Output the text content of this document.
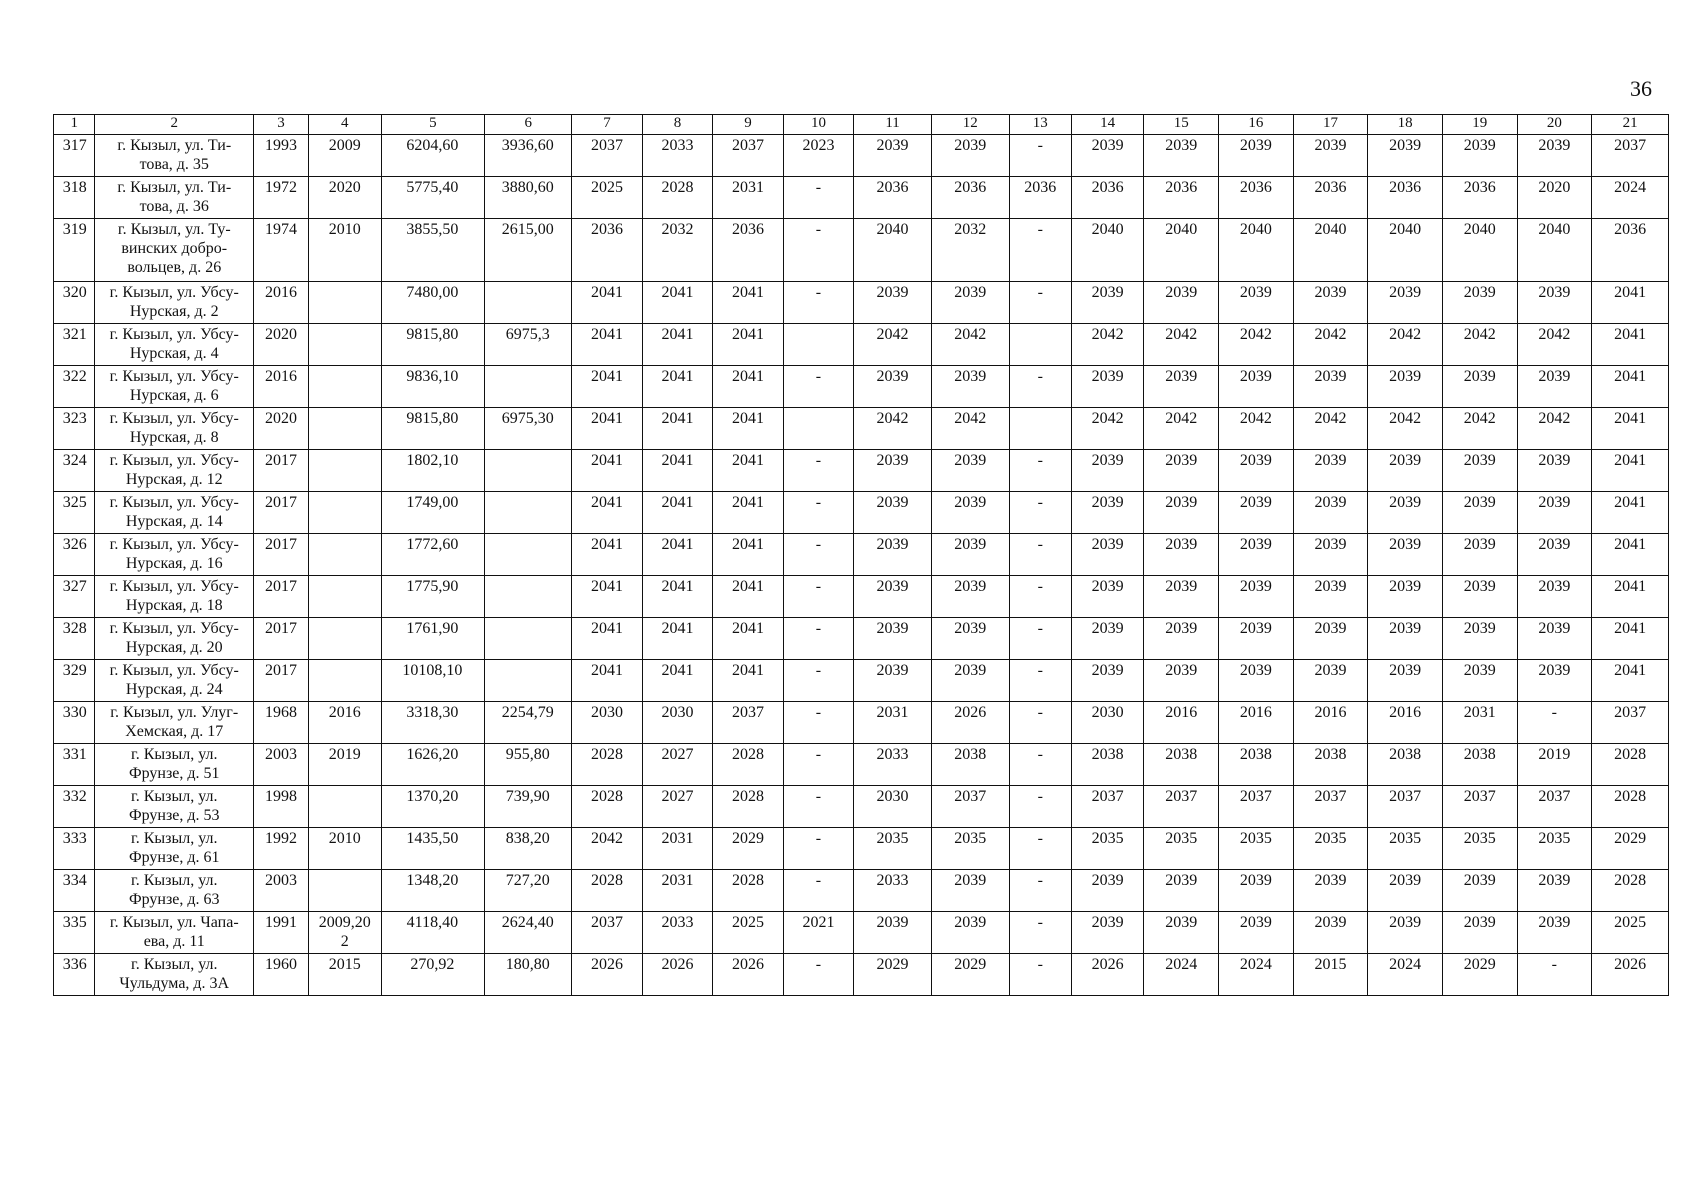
36
1	2	3	4	5	6	7	8	9	10	11	12	13	14	15	16	17	18	19	20	21
317	г. Кызыл, ул. Ти-
това, д. 35	1993	2009	6204,60	3936,60	2037	2033	2037	2023	2039	2039	-	2039	2039	2039	2039	2039	2039	2039	2037
318	г. Кызыл, ул. Ти-
това, д. 36	1972	2020	5775,40	3880,60	2025	2028	2031	-	2036	2036	2036	2036	2036	2036	2036	2036	2036	2020	2024
319	г. Кызыл, ул. Ту-
винских добро-
вольцев, д. 26	1974	2010	3855,50	2615,00	2036	2032	2036	-	2040	2032	-	2040	2040	2040	2040	2040	2040	2040	2036
320	г. Кызыл, ул. Убсу-
Нурская, д. 2	2016		7480,00		2041	2041	2041	-	2039	2039	-	2039	2039	2039	2039	2039	2039	2039	2041
321	г. Кызыл, ул. Убсу-
Нурская, д. 4	2020		9815,80	6975,3	2041	2041	2041		2042	2042		2042	2042	2042	2042	2042	2042	2042	2041
322	г. Кызыл, ул. Убсу-
Нурская, д. 6	2016		9836,10		2041	2041	2041	-	2039	2039	-	2039	2039	2039	2039	2039	2039	2039	2041
323	г. Кызыл, ул. Убсу-
Нурская, д. 8	2020		9815,80	6975,30	2041	2041	2041		2042	2042		2042	2042	2042	2042	2042	2042	2042	2041
324	г. Кызыл, ул. Убсу-
Нурская, д. 12	2017		1802,10		2041	2041	2041	-	2039	2039	-	2039	2039	2039	2039	2039	2039	2039	2041
325	г. Кызыл, ул. Убсу-
Нурская, д. 14	2017		1749,00		2041	2041	2041	-	2039	2039	-	2039	2039	2039	2039	2039	2039	2039	2041
326	г. Кызыл, ул. Убсу-
Нурская, д. 16	2017		1772,60		2041	2041	2041	-	2039	2039	-	2039	2039	2039	2039	2039	2039	2039	2041
327	г. Кызыл, ул. Убсу-
Нурская, д. 18	2017		1775,90		2041	2041	2041	-	2039	2039	-	2039	2039	2039	2039	2039	2039	2039	2041
328	г. Кызыл, ул. Убсу-
Нурская, д. 20	2017		1761,90		2041	2041	2041	-	2039	2039	-	2039	2039	2039	2039	2039	2039	2039	2041
329	г. Кызыл, ул. Убсу-
Нурская, д. 24	2017		10108,10		2041	2041	2041	-	2039	2039	-	2039	2039	2039	2039	2039	2039	2039	2041
330	г. Кызыл, ул. Улуг-
Хемская, д. 17	1968	2016	3318,30	2254,79	2030	2030	2037	-	2031	2026	-	2030	2016	2016	2016	2016	2031	-	2037
331	г. Кызыл, ул.
Фрунзе, д. 51	2003	2019	1626,20	955,80	2028	2027	2028	-	2033	2038	-	2038	2038	2038	2038	2038	2038	2019	2028
332	г. Кызыл, ул.
Фрунзе, д. 53	1998		1370,20	739,90	2028	2027	2028	-	2030	2037	-	2037	2037	2037	2037	2037	2037	2037	2028
333	г. Кызыл, ул.
Фрунзе, д. 61	1992	2010	1435,50	838,20	2042	2031	2029	-	2035	2035	-	2035	2035	2035	2035	2035	2035	2035	2029
334	г. Кызыл, ул.
Фрунзе, д. 63	2003		1348,20	727,20	2028	2031	2028	-	2033	2039	-	2039	2039	2039	2039	2039	2039	2039	2028
335	г. Кызыл, ул. Чапа-
ева, д. 11	1991	2009,20
2	4118,40	2624,40	2037	2033	2025	2021	2039	2039	-	2039	2039	2039	2039	2039	2039	2039	2025
336	г. Кызыл, ул.
Чульдума, д. 3А	1960	2015	270,92	180,80	2026	2026	2026	-	2029	2029	-	2026	2024	2024	2015	2024	2029	-	2026
